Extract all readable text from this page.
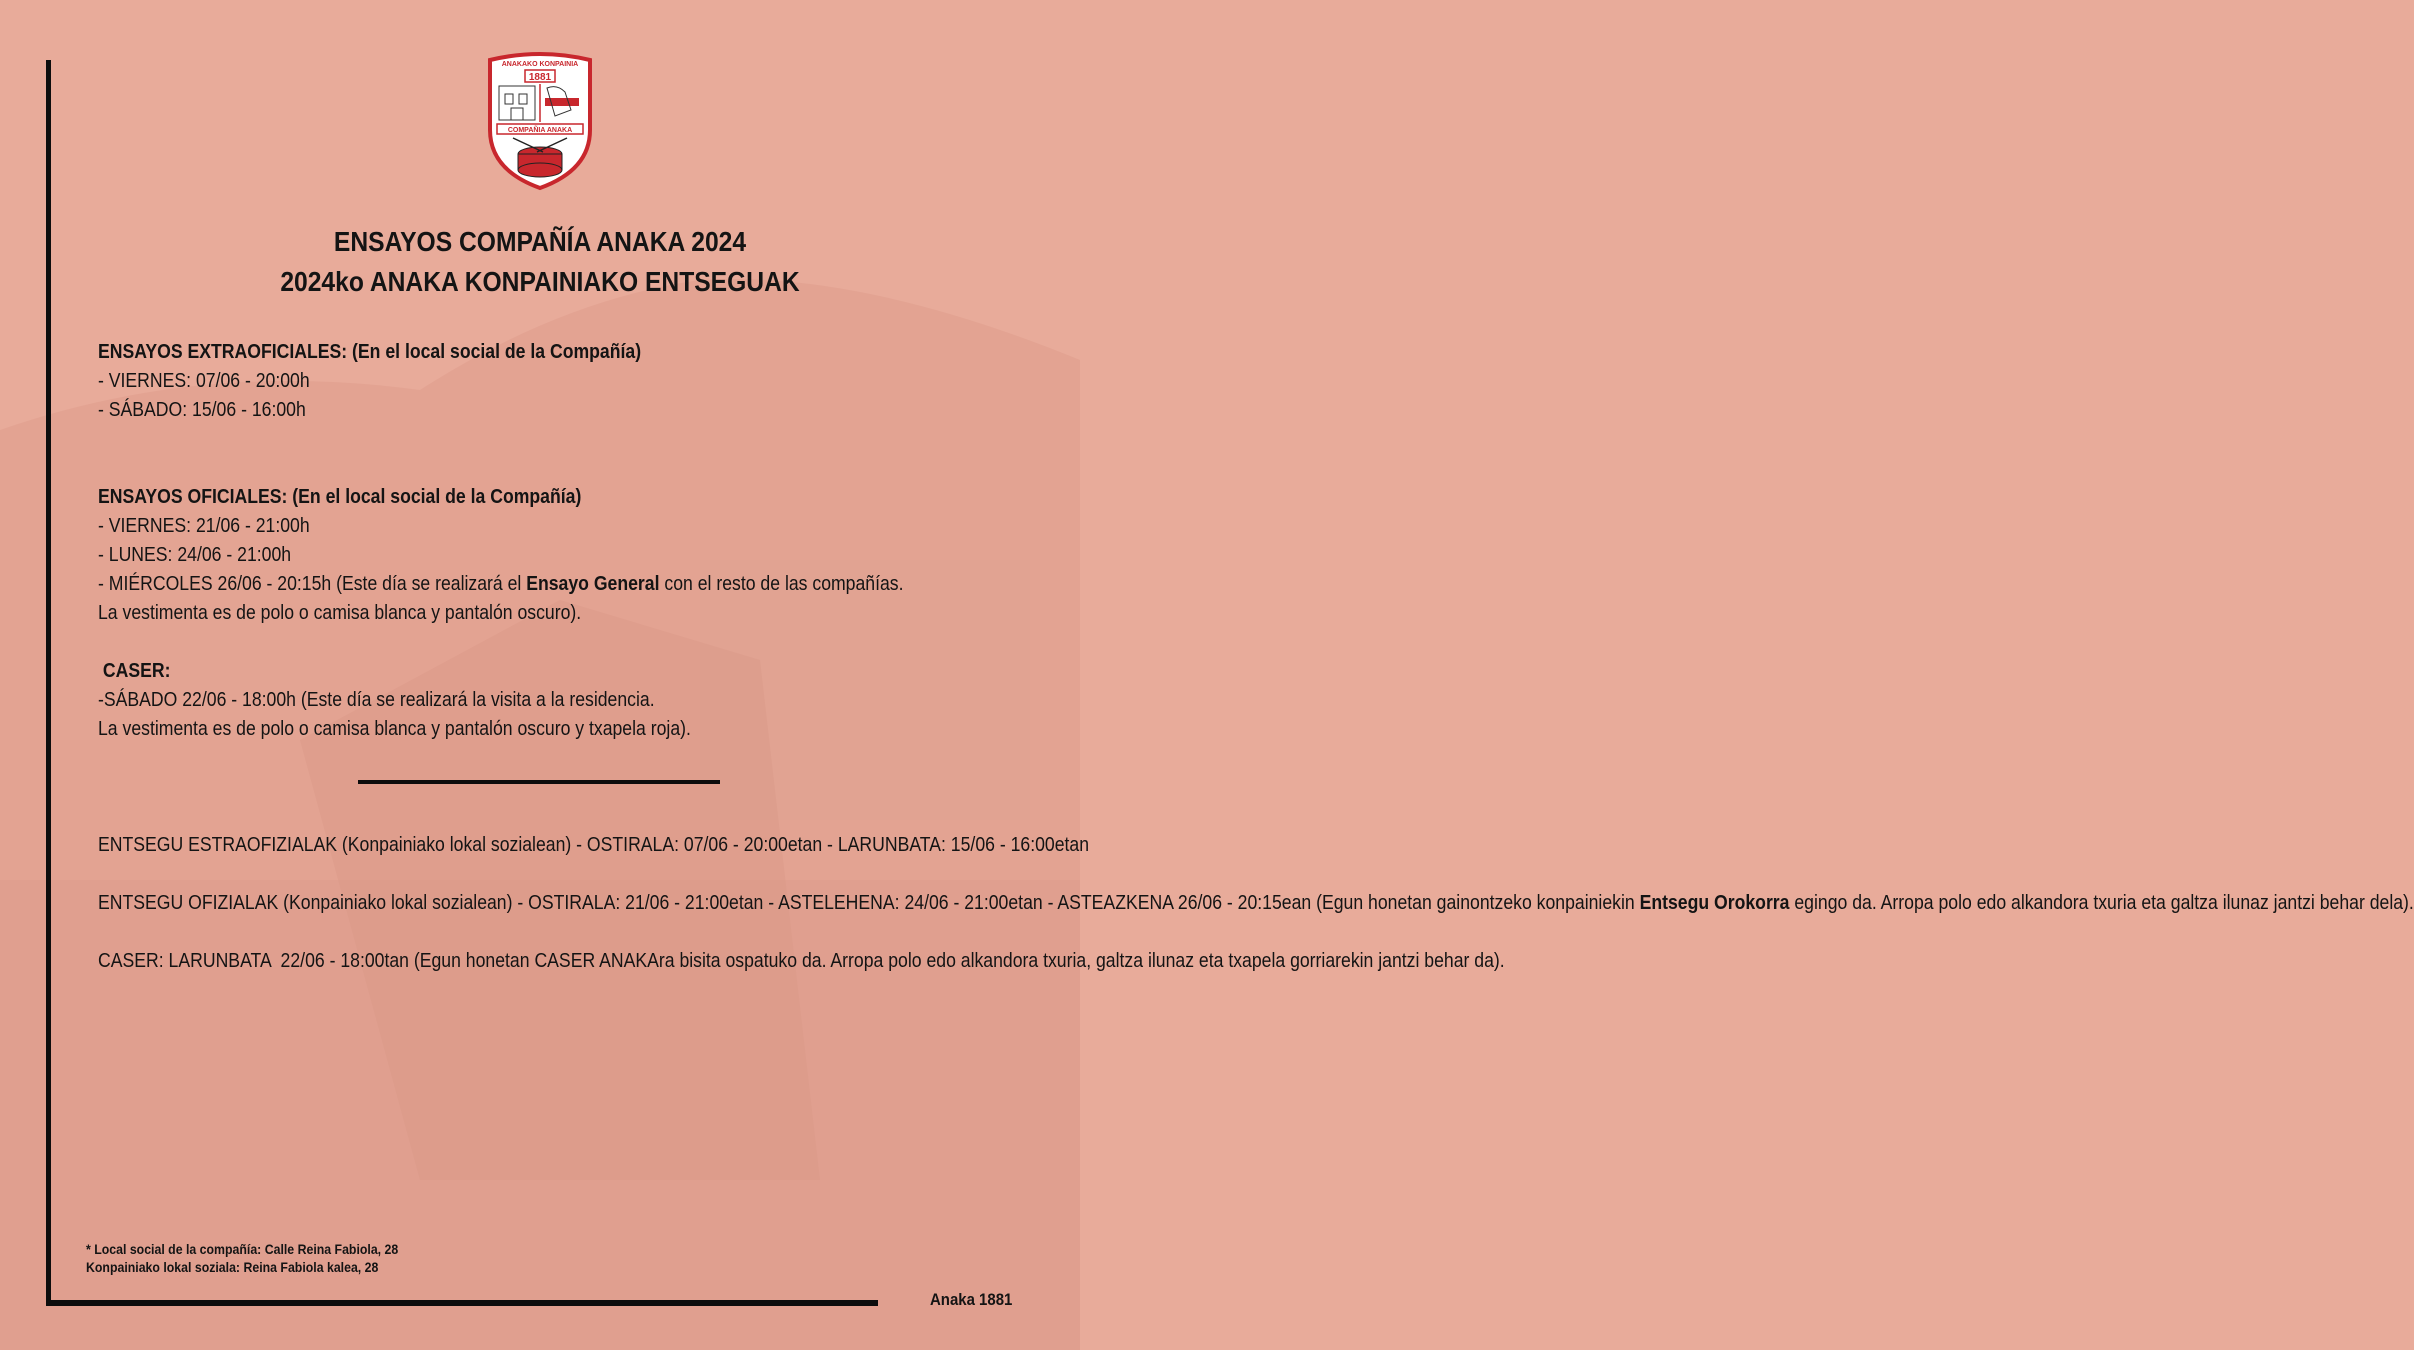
ANAKAKO KONPAINIA
1881
COMPAÑIA ANAKA
ENSAYOS COMPAÑÍA ANAKA 2024
2024ko ANAKA KONPAINIAKO ENTSEGUAK
ENSAYOS EXTRAOFICIALES: (En el local social de la Compañía)
- VIERNES: 07/06 - 20:00h
- SÁBADO: 15/06 - 16:00h
ENSAYOS OFICIALES: (En el local social de la Compañía)
- VIERNES: 21/06 - 21:00h
- LUNES: 24/06 - 21:00h
- MIÉRCOLES 26/06 - 20:15h (Este día se realizará el Ensayo General con el resto de las compañías.
La vestimenta es de polo o camisa blanca y pantalón oscuro).
CASER:
-SÁBADO 22/06 - 18:00h (Este día se realizará la visita a la residencia.
La vestimenta es de polo o camisa blanca y pantalón oscuro y txapela roja).
ENTSEGU ESTRAOFIZIALAK (Konpainiako lokal sozialean) - OSTIRALA: 07/06 - 20:00etan - LARUNBATA: 15/06 - 16:00etan
ENTSEGU OFIZIALAK (Konpainiako lokal sozialean) - OSTIRALA: 21/06 - 21:00etan - ASTELEHENA: 24/06 - 21:00etan - ASTEAZKENA 26/06 - 20:15ean (Egun honetan gainontzeko konpainiekin Entsegu Orokorra egingo da. Arropa polo edo alkandora txuria eta galtza ilunaz jantzi behar dela).
CASER: LARUNBATA  22/06 - 18:00tan (Egun honetan CASER ANAKAra bisita ospatuko da. Arropa polo edo alkandora txuria, galtza ilunaz eta txapela gorriarekin jantzi behar da).
* Local social de la compañía: Calle Reina Fabiola, 28
Konpainiako lokal soziala: Reina Fabiola kalea, 28
Anaka 1881
